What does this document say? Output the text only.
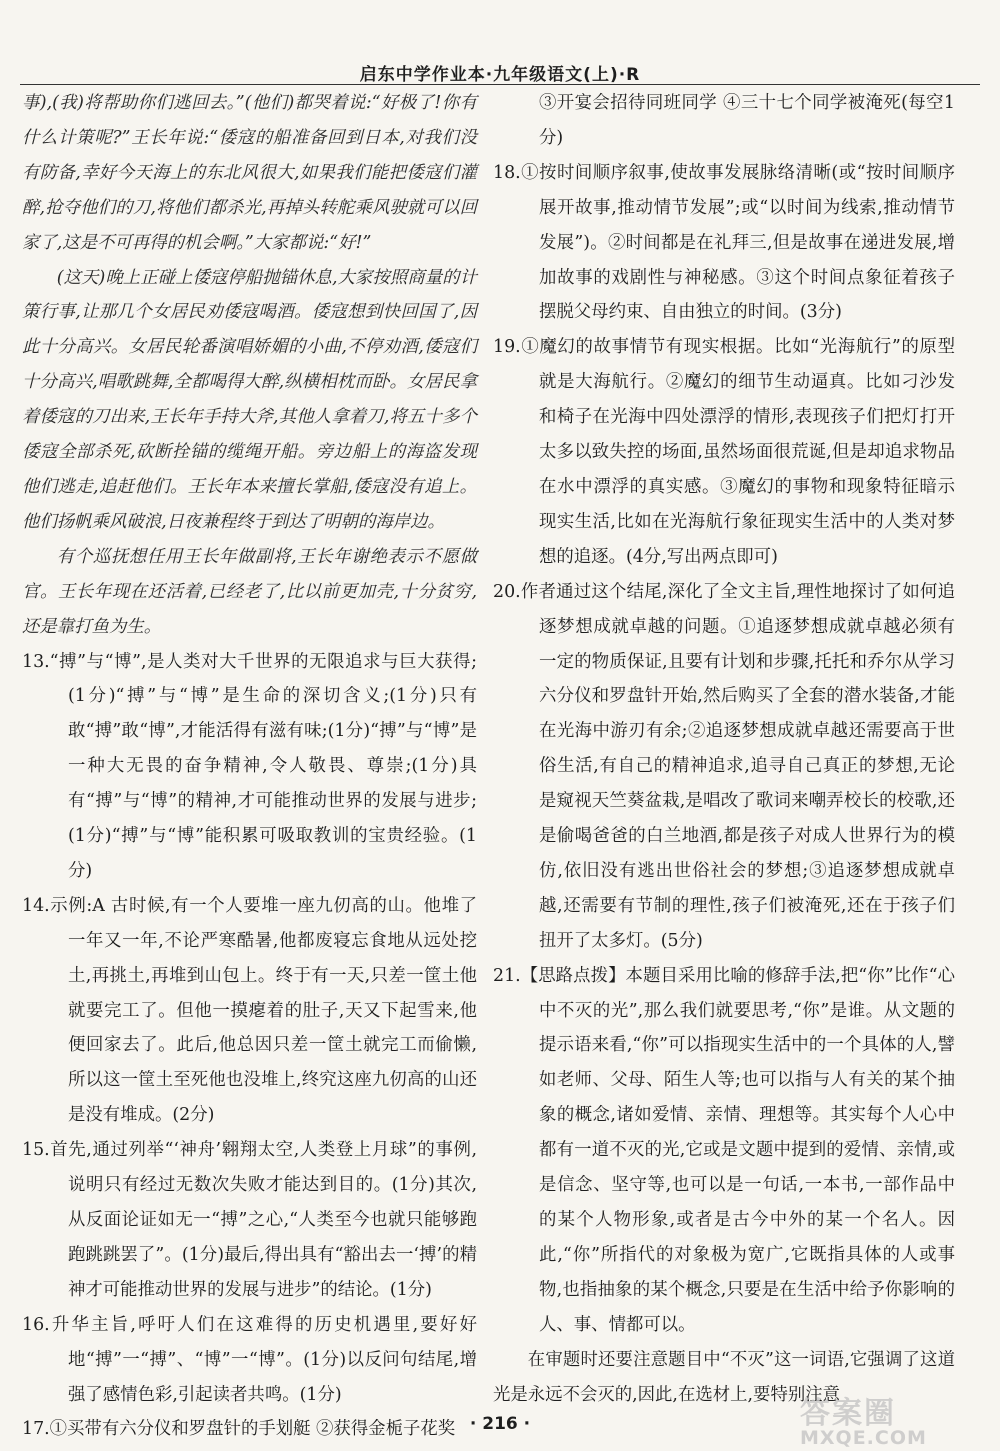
启东中学作业本·九年级语文(上)·R

事),(我)将帮助你们逃回去。”(他们)都哭着说:“好极了!你有什么计策呢?”王长年说:“倭寇的船准备回到日本,对我们没有防备,幸好今天海上的东北风很大,如果我们能把倭寇们灌醉,抢夺他们的刀,将他们都杀光,再掉头转舵乘风驶就可以回家了,这是不可再得的机会啊。”大家都说:“好!”

(这天)晚上正碰上倭寇停船抛锚休息,大家按照商量的计策行事,让那几个女居民劝倭寇喝酒。倭寇想到快回国了,因此十分高兴。女居民轮番演唱娇媚的小曲,不停劝酒,倭寇们十分高兴,唱歌跳舞,全都喝得大醉,纵横相枕而卧。女居民拿着倭寇的刀出来,王长年手持大斧,其他人拿着刀,将五十多个倭寇全部杀死,砍断拴锚的缆绳开船。旁边船上的海盗发现他们逃走,追赶他们。王长年本来擅长掌船,倭寇没有追上。他们扬帆乘风破浪,日夜兼程终于到达了明朝的海岸边。

有个巡抚想任用王长年做副将,王长年谢绝表示不愿做官。王长年现在还活着,已经老了,比以前更加壳,十分贫穷,还是靠打鱼为生。

13.“搏”与“博”,是人类对大千世界的无限追求与巨大获得;(1分)“搏”与“博”是生命的深切含义;(1分)只有敢“搏”敢“博”,才能活得有滋有味;(1分)“搏”与“博”是一种大无畏的奋争精神,令人敬畏、尊崇;(1分)具有“搏”与“博”的精神,才可能推动世界的发展与进步;(1分)“搏”与“博”能积累可吸取教训的宝贵经验。(1分)

14.示例:A 古时候,有一个人要堆一座九仞高的山。他堆了一年又一年,不论严寒酷暑,他都废寝忘食地从远处挖土,再挑土,再堆到山包上。终于有一天,只差一筐土他就要完工了。但他一摸瘪着的肚子,天又下起雪来,他便回家去了。此后,他总因只差一筐土就完工而偷懒,所以这一筐土至死他也没堆上,终究这座九仞高的山还是没有堆成。(2分)

15.首先,通过列举“‘神舟’翱翔太空,人类登上月球”的事例,说明只有经过无数次失败才能达到目的。(1分)其次,从反面论证如无一“搏”之心,“人类至今也就只能够跑跑跳跳罢了”。(1分)最后,得出具有“豁出去一‘搏’的精神才可能推动世界的发展与进步”的结论。(1分)

16.升华主旨,呼吁人们在这难得的历史机遇里,要好好地“搏”一“搏”、“博”一“博”。(1分)以反问句结尾,增强了感情色彩,引起读者共鸣。(1分)

17.①买带有六分仪和罗盘针的手划艇 ②获得金栀子花奖

③开宴会招待同班同学 ④三十七个同学被淹死(每空1分)

18.①按时间顺序叙事,使故事发展脉络清晰(或“按时间顺序展开故事,推动情节发展”;或“以时间为线索,推动情节发展”)。②时间都是在礼拜三,但是故事在递进发展,增加故事的戏剧性与神秘感。③这个时间点象征着孩子摆脱父母约束、自由独立的时间。(3分)

19.①魔幻的故事情节有现实根据。比如“光海航行”的原型就是大海航行。②魔幻的细节生动逼真。比如刁沙发和椅子在光海中四处漂浮的情形,表现孩子们把灯打开太多以致失控的场面,虽然场面很荒诞,但是却追求物品在水中漂浮的真实感。③魔幻的事物和现象特征暗示现实生活,比如在光海航行象征现实生活中的人类对梦想的追逐。(4分,写出两点即可)

20.作者通过这个结尾,深化了全文主旨,理性地探讨了如何追逐梦想成就卓越的问题。①追逐梦想成就卓越必须有一定的物质保证,且要有计划和步骤,托托和乔尔从学习六分仪和罗盘针开始,然后购买了全套的潜水装备,才能在光海中游刃有余;②追逐梦想成就卓越还需要高于世俗生活,有自己的精神追求,追寻自己真正的梦想,无论是窥视天竺葵盆栽,是唱改了歌词来嘲弄校长的校歌,还是偷喝爸爸的白兰地酒,都是孩子对成人世界行为的模仿,依旧没有逃出世俗社会的梦想;③追逐梦想成就卓越,还需要有节制的理性,孩子们被淹死,还在于孩子们扭开了太多灯。(5分)

21.【思路点拨】本题目采用比喻的修辞手法,把“你”比作“心中不灭的光”,那么我们就要思考,“你”是谁。从文题的提示语来看,“你”可以指现实生活中的一个具体的人,譬如老师、父母、陌生人等;也可以指与人有关的某个抽象的概念,诸如爱情、亲情、理想等。其实每个人心中都有一道不灭的光,它或是文题中提到的爱情、亲情,或是信念、坚守等,也可以是一句话,一本书,一部作品中的某个人物形象,或者是古今中外的某一个名人。因此,“你”所指代的对象极为宽广,它既指具体的人或事物,也指抽象的某个概念,只要是在生活中给予你影响的人、事、情都可以。

在审题时还要注意题目中“不灭”这一词语,它强调了这道光是永远不会灭的,因此,在选材上,要特别注意

· 216 ·	答案圈
MXQE.COM
